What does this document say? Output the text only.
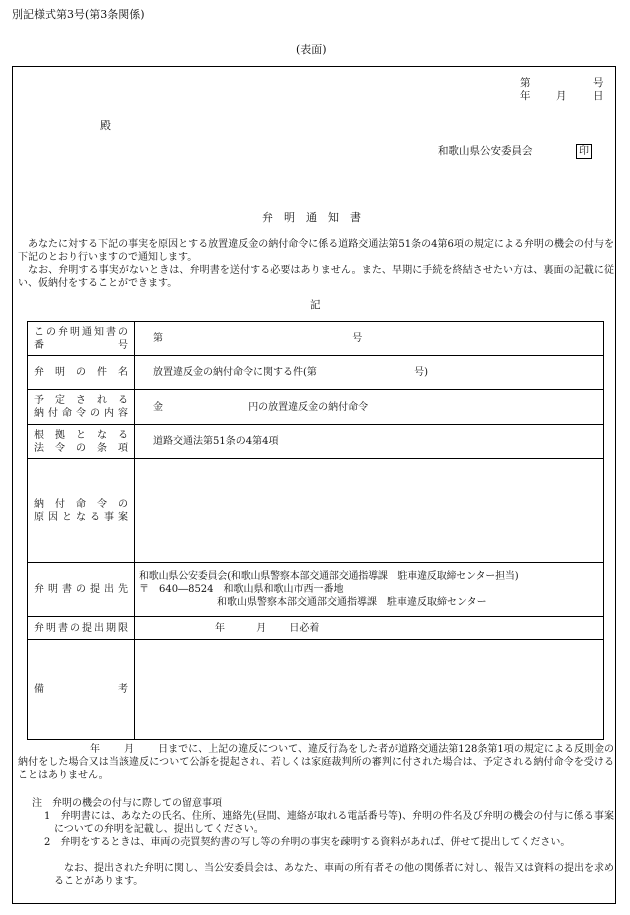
別記様式第3号(第3条関係)
(表面)
第	号
年 月	日
殿
和歌山県公安委員会	印
弁　明　通　知　書
あなたに対する下記の事実を原因とする放置違反金の納付命令に係る道路交通法第51条の4第6項の規定による弁明の機会の付与を下記のとおり行いますので通知します。
なお、弁明する事実がないときは、弁明書を送付する必要はありません。また、早期に手続を終結させたい方は、裏面の記載に従い、仮納付をすることができます。
記
この弁明通知書の
番　　　　　号	第 号

弁明の件名	放置違反金の納付命令に関する件(第 号)

予定される
納付命令の内容	金 円の放置違反金の納付命令

根拠となる
法令の条項	道路交通法第51条の4第4項

納付命令の
原因となる事案	

弁明書の提出先	和歌山県公安委員会(和歌山県警察本部交通部交通指導課　駐車違反取締センター担当)
〒　640―8524　和歌山県和歌山市西一番地
和歌山県警察本部交通部交通指導課　駐車違反取締センター

弁明書の提出期限	年 月 日必着

備 考	

年 月 日までに、上記の違反について、違反行為をした者が道路交通法第128条第1項の規定による反則金の納付をした場合又は当該違反について公訴を提起され、若しくは家庭裁判所の審判に付された場合は、予定される納付命令を受けることはありません。
注　弁明の機会の付与に際しての留意事項
1　弁明書には、あなたの氏名、住所、連絡先(昼間、連絡が取れる電話番号等)、弁明の件名及び弁明の機会の付与に係る事案についての弁明を記載し、提出してください。
2　弁明をするときは、車両の売買契約書の写し等の弁明の事実を疎明する資料があれば、併せて提出してください。
なお、提出された弁明に関し、当公安委員会は、あなた、車両の所有者その他の関係者に対し、報告又は資料の提出を求めることがあります。
